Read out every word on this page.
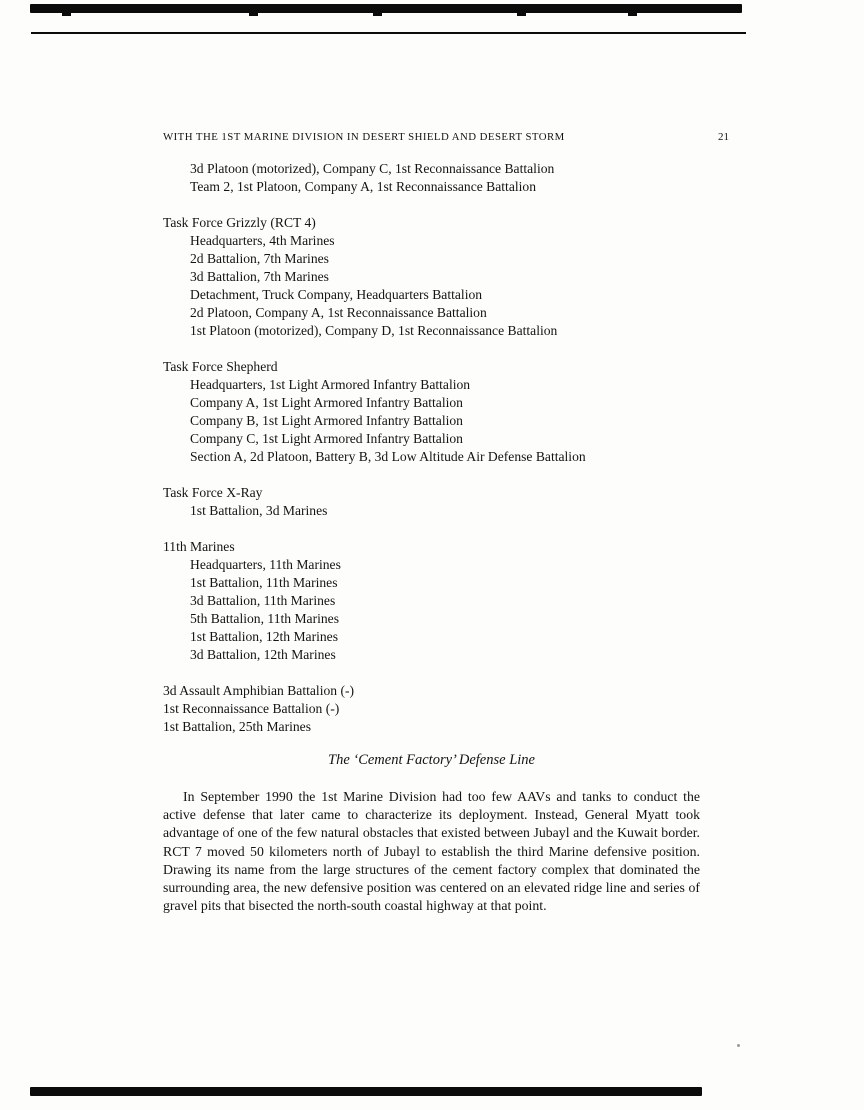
WITH THE 1ST MARINE DIVISION IN DESERT SHIELD AND DESERT STORM	21
3d Platoon (motorized), Company C, 1st Reconnaissance Battalion
Team 2, 1st Platoon, Company A, 1st Reconnaissance Battalion
Task Force Grizzly (RCT 4)
Headquarters, 4th Marines
2d Battalion, 7th Marines
3d Battalion, 7th Marines
Detachment, Truck Company, Headquarters Battalion
2d Platoon, Company A, 1st Reconnaissance Battalion
1st Platoon (motorized), Company D, 1st Reconnaissance Battalion
Task Force Shepherd
Headquarters, 1st Light Armored Infantry Battalion
Company A, 1st Light Armored Infantry Battalion
Company B, 1st Light Armored Infantry Battalion
Company C, 1st Light Armored Infantry Battalion
Section A, 2d Platoon, Battery B, 3d Low Altitude Air Defense Battalion
Task Force X-Ray
1st Battalion, 3d Marines
11th Marines
Headquarters, 11th Marines
1st Battalion, 11th Marines
3d Battalion, 11th Marines
5th Battalion, 11th Marines
1st Battalion, 12th Marines
3d Battalion, 12th Marines
3d Assault Amphibian Battalion (-)
1st Reconnaissance Battalion (-)
1st Battalion, 25th Marines
The ‘Cement Factory’ Defense Line

In September 1990 the 1st Marine Division had too few AAVs and tanks to conduct the active defense that later came to characterize its deployment. Instead, General Myatt took advantage of one of the few natural obstacles that existed between Jubayl and the Kuwait border. RCT 7 moved 50 kilometers north of Jubayl to establish the third Marine defensive position. Drawing its name from the large structures of the cement factory complex that dominated the surrounding area, the new defensive position was centered on an elevated ridge line and series of gravel pits that bisected the north-south coastal highway at that point.
